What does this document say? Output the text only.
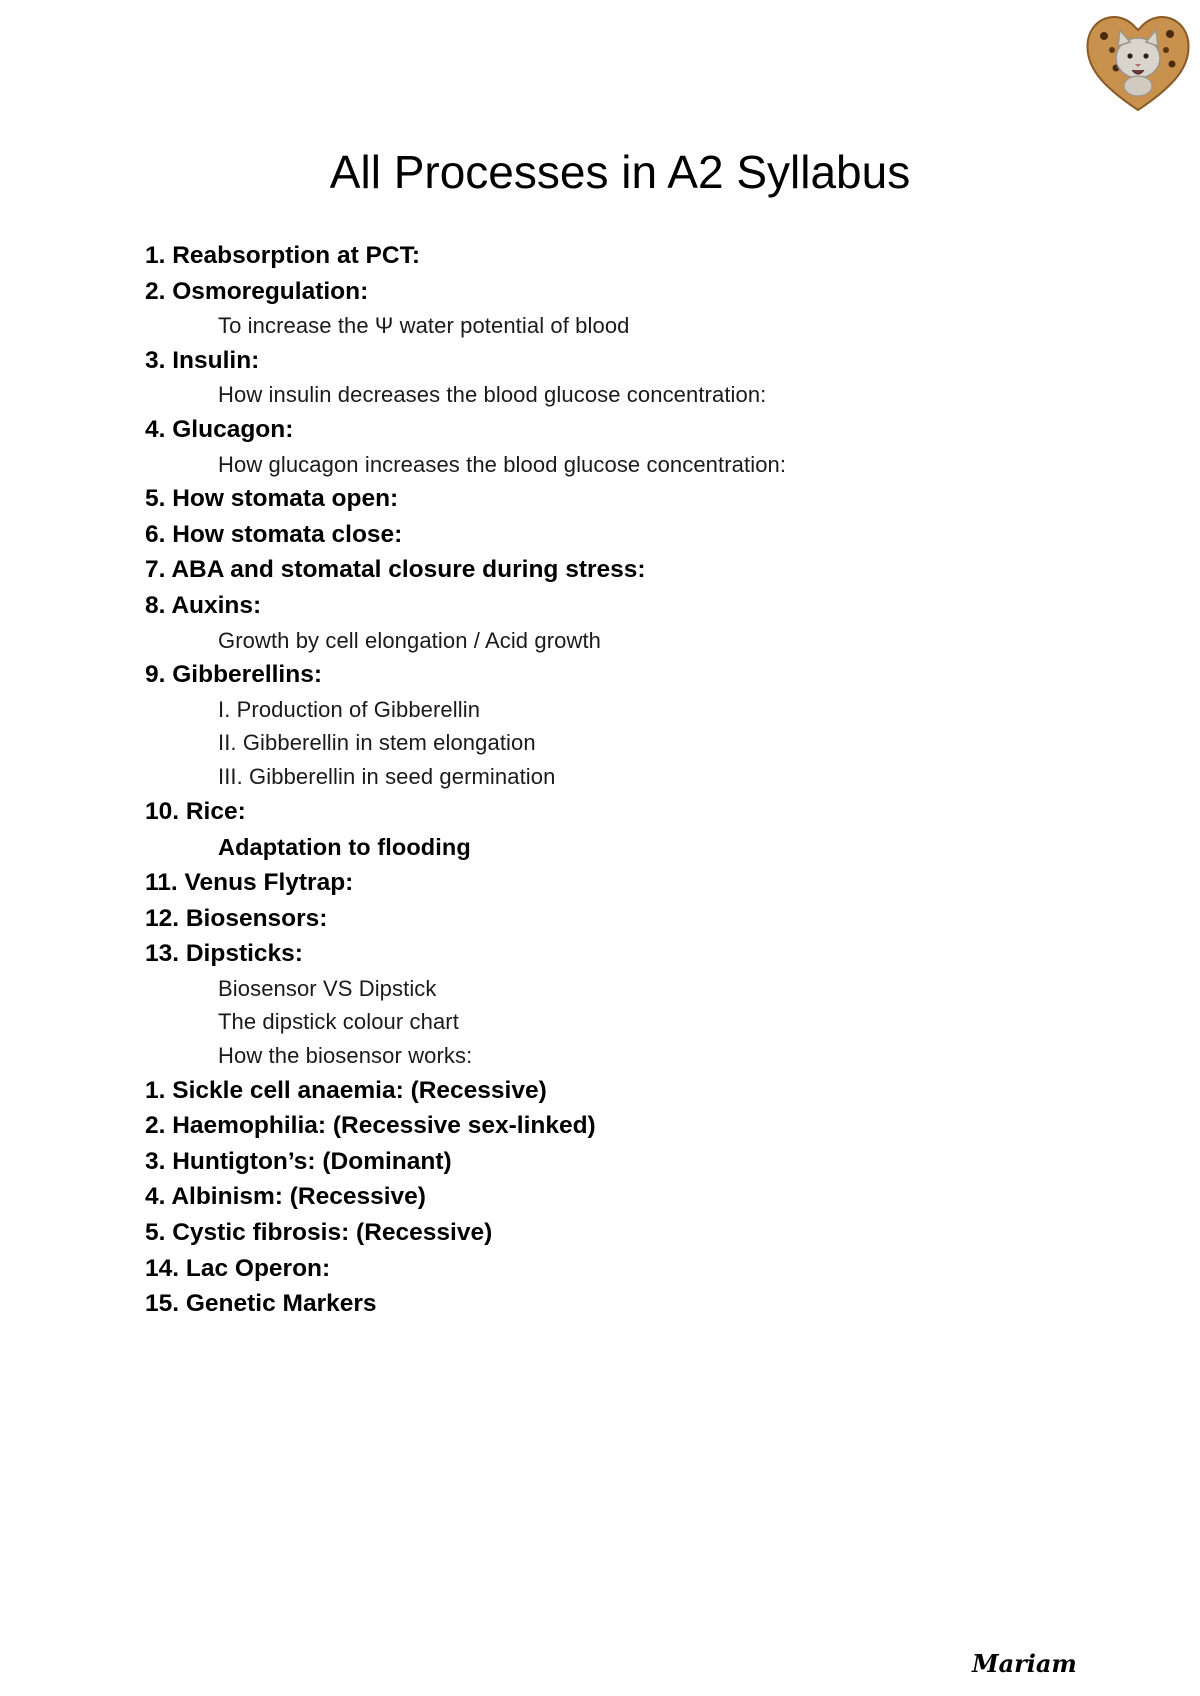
All Processes in A2 Syllabus
1. Reabsorption at PCT:
2. Osmoregulation:
To increase the Ψ water potential of blood
3. Insulin:
How insulin decreases the blood glucose concentration:
4. Glucagon:
How glucagon increases the blood glucose concentration:
5. How stomata open:
6. How stomata close:
7. ABA and stomatal closure during stress:
8. Auxins:
Growth by cell elongation / Acid growth
9. Gibberellins:
I. Production of Gibberellin
II. Gibberellin in stem elongation
III. Gibberellin in seed germination
10. Rice:
Adaptation to flooding
11. Venus Flytrap:
12. Biosensors:
13. Dipsticks:
Biosensor VS Dipstick
The dipstick colour chart
How the biosensor works:
1. Sickle cell anaemia: (Recessive)
2. Haemophilia: (Recessive sex-linked)
3. Huntigton’s: (Dominant)
4. Albinism: (Recessive)
5. Cystic fibrosis: (Recessive)
14. Lac Operon:
15. Genetic Markers
Mariam
